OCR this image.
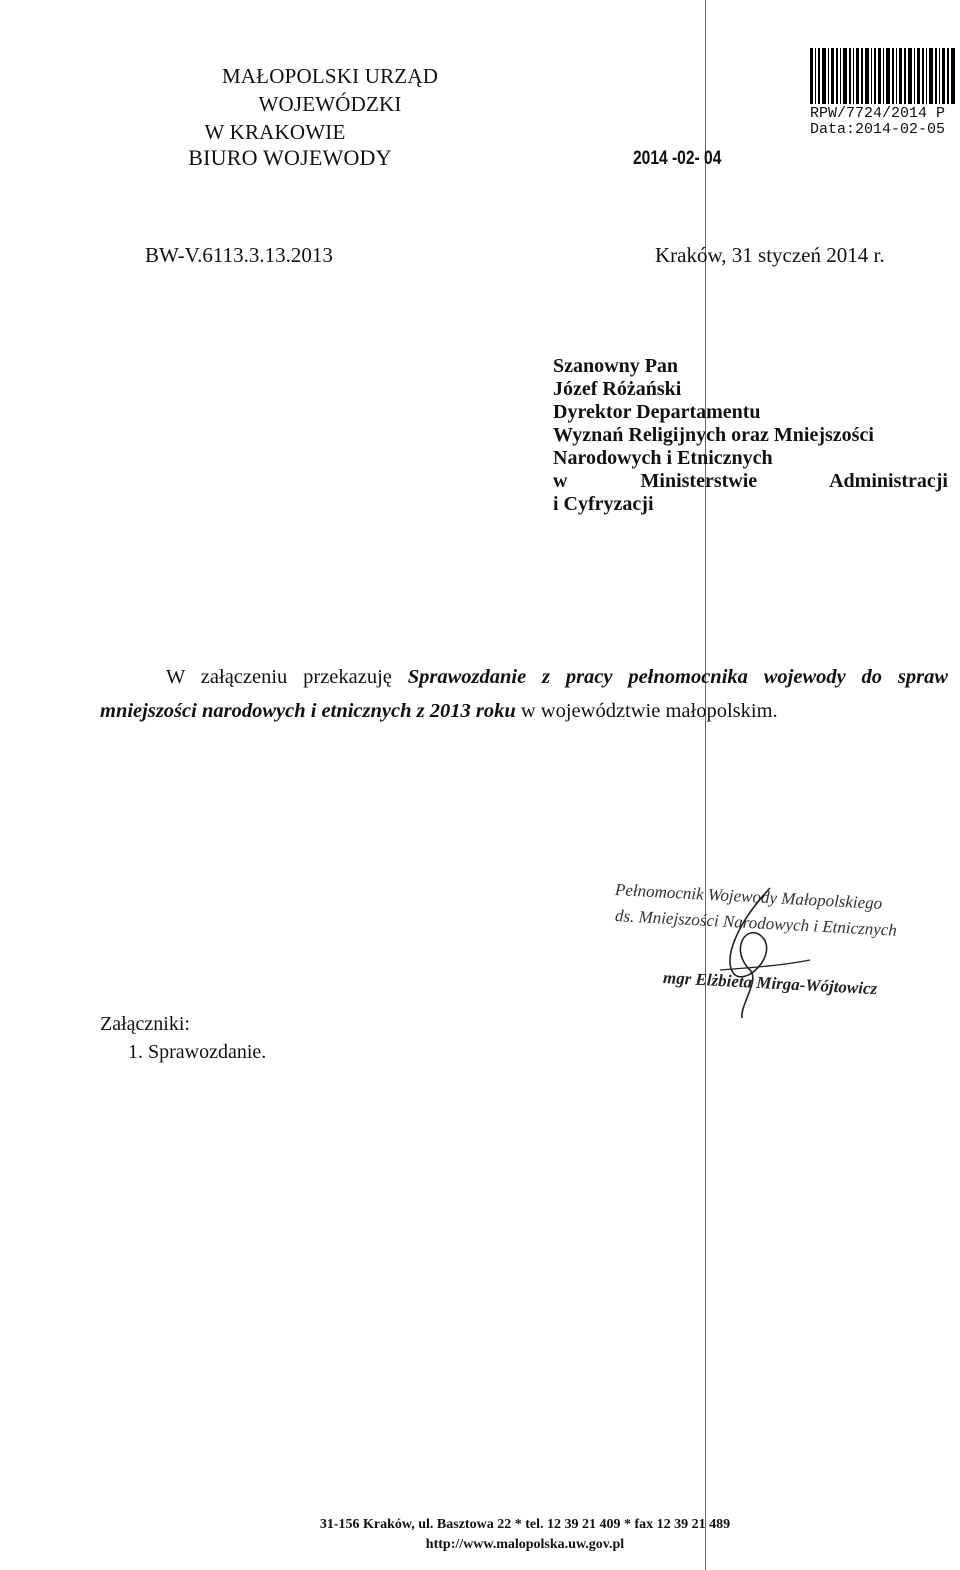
MAŁOPOLSKI URZĄD WOJEWÓDZKI
W KRAKOWIE
BIURO WOJEWODY	2014 -02- 04
RPW/7724/2014 P
Data:2014-02-05
BW-V.6113.3.13.2013	Kraków, 31 styczeń 2014 r.
Szanowny Pan
Józef Różański
Dyrektor Departamentu
Wyznań Religijnych oraz Mniejszości
Narodowych i Etnicznych
w Ministerstwie Administracji
i Cyfryzacji
W załączeniu przekazuję Sprawozdanie z pracy pełnomocnika wojewody do spraw mniejszości narodowych i etnicznych z 2013 roku w województwie małopolskim.
Pełnomocnik Wojewody Małopolskiego
ds. Mniejszości Narodowych i Etnicznych
mgr Elżbieta Mirga-Wójtowicz
Załączniki:
1. Sprawozdanie.
31-156 Kraków, ul. Basztowa 22 * tel. 12 39 21 409 * fax 12 39 21 489
http://www.malopolska.uw.gov.pl
